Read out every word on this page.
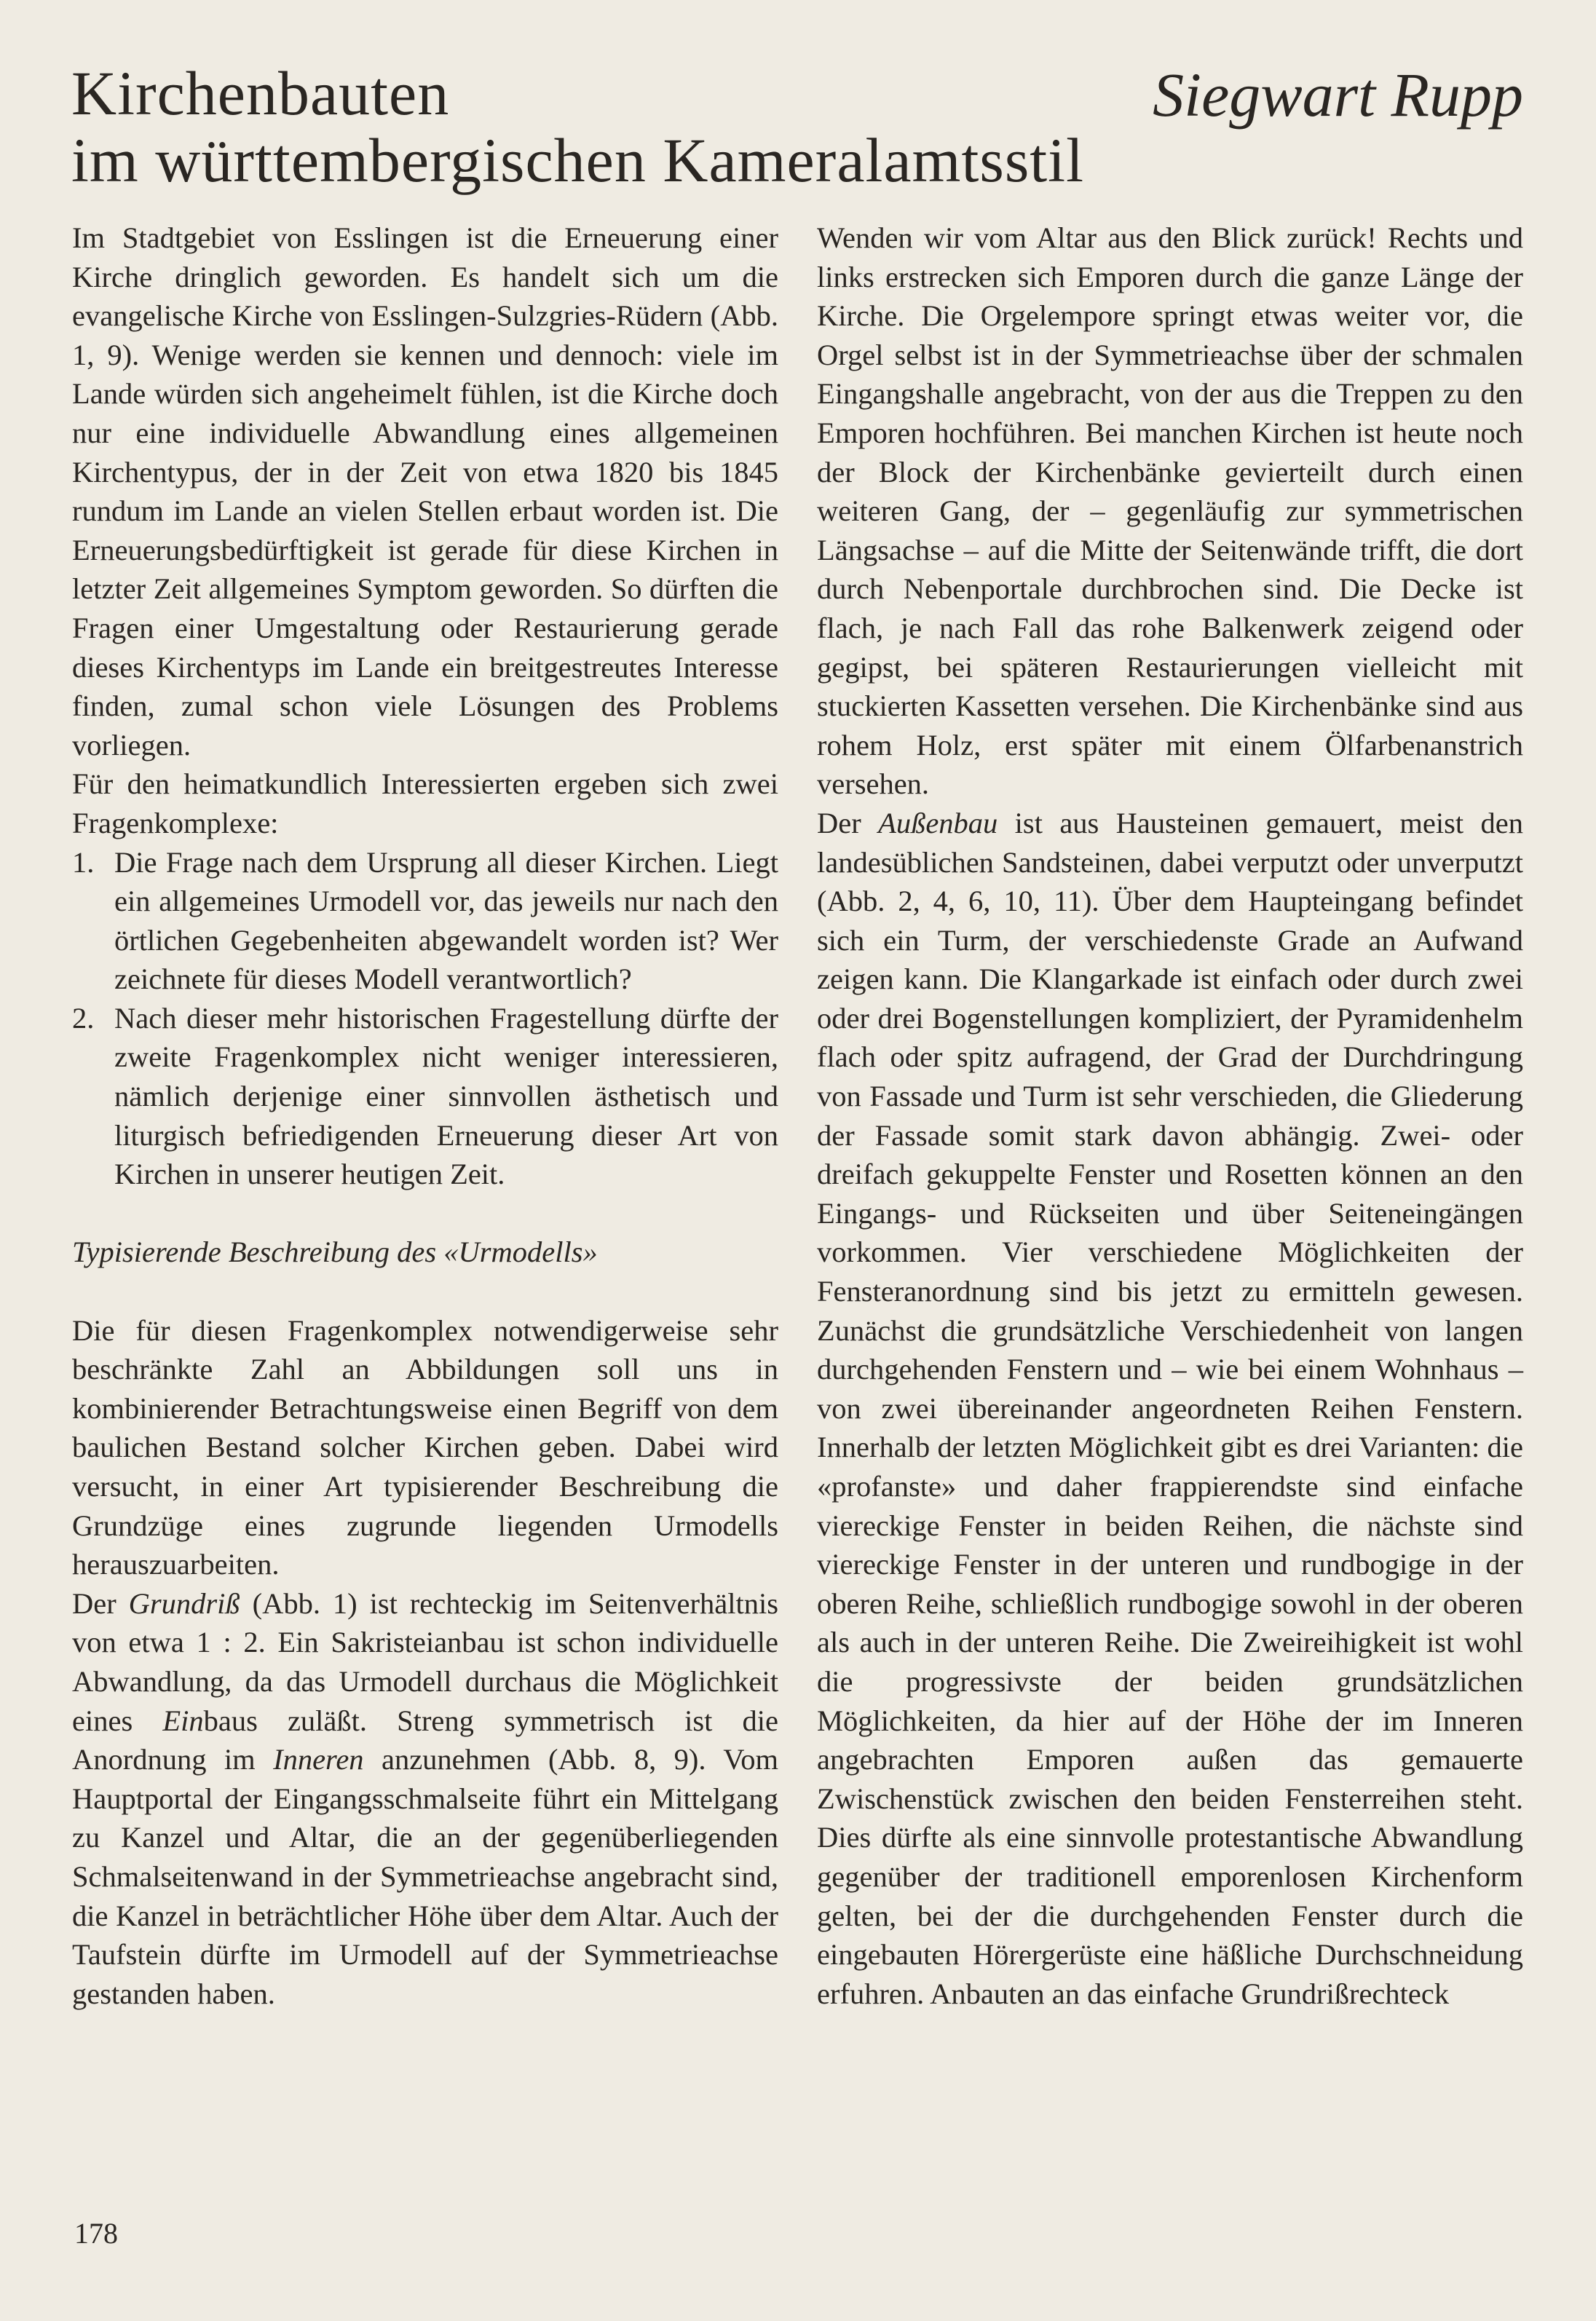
Kirchenbauten
im württembergischen Kameralamtsstil

Siegwart Rupp

Im Stadtgebiet von Esslingen ist die Erneuerung einer Kirche dringlich geworden. Es handelt sich um die evangelische Kirche von Esslingen-Sulzgries-Rüdern (Abb. 1, 9). Wenige werden sie kennen und dennoch: viele im Lande würden sich angeheimelt fühlen, ist die Kirche doch nur eine individuelle Abwandlung eines allgemeinen Kirchentypus, der in der Zeit von etwa 1820 bis 1845 rundum im Lande an vielen Stellen erbaut worden ist. Die Erneuerungsbedürftigkeit ist gerade für diese Kirchen in letzter Zeit allgemeines Symptom geworden. So dürften die Fragen einer Umgestaltung oder Restaurierung gerade dieses Kirchentyps im Lande ein breitgestreutes Interesse finden, zumal schon viele Lösungen des Problems vorliegen.

Für den heimatkundlich Interessierten ergeben sich zwei Fragenkomplexe:

1. Die Frage nach dem Ursprung all dieser Kirchen. Liegt ein allgemeines Urmodell vor, das jeweils nur nach den örtlichen Gegebenheiten abgewandelt worden ist? Wer zeichnete für dieses Modell verantwortlich?
2. Nach dieser mehr historischen Fragestellung dürfte der zweite Fragenkomplex nicht weniger interessieren, nämlich derjenige einer sinnvollen ästhetisch und liturgisch befriedigenden Erneuerung dieser Art von Kirchen in unserer heutigen Zeit.

Typisierende Beschreibung des «Urmodells»

Die für diesen Fragenkomplex notwendigerweise sehr beschränkte Zahl an Abbildungen soll uns in kombinierender Betrachtungsweise einen Begriff von dem baulichen Bestand solcher Kirchen geben. Dabei wird versucht, in einer Art typisierender Beschreibung die Grundzüge eines zugrunde liegenden Urmodells herauszuarbeiten.

Der Grundriß (Abb. 1) ist rechteckig im Seitenverhältnis von etwa 1 : 2. Ein Sakristeianbau ist schon individuelle Abwandlung, da das Urmodell durchaus die Möglichkeit eines Einbaus zuläßt. Streng symmetrisch ist die Anordnung im Inneren anzunehmen (Abb. 8, 9). Vom Hauptportal der Eingangsschmalseite führt ein Mittelgang zu Kanzel und Altar, die an der gegenüberliegenden Schmalseitenwand in der Symmetrieachse angebracht sind, die Kanzel in beträchtlicher Höhe über dem Altar. Auch der Taufstein dürfte im Urmodell auf der Symmetrieachse gestanden haben.

Wenden wir vom Altar aus den Blick zurück! Rechts und links erstrecken sich Emporen durch die ganze Länge der Kirche. Die Orgelempore springt etwas weiter vor, die Orgel selbst ist in der Symmetrieachse über der schmalen Eingangshalle angebracht, von der aus die Treppen zu den Emporen hochführen. Bei manchen Kirchen ist heute noch der Block der Kirchenbänke gevierteilt durch einen weiteren Gang, der – gegenläufig zur symmetrischen Längsachse – auf die Mitte der Seitenwände trifft, die dort durch Nebenportale durchbrochen sind. Die Decke ist flach, je nach Fall das rohe Balkenwerk zeigend oder gegipst, bei späteren Restaurierungen vielleicht mit stuckierten Kassetten versehen. Die Kirchenbänke sind aus rohem Holz, erst später mit einem Ölfarbenanstrich versehen.

Der Außenbau ist aus Hausteinen gemauert, meist den landesüblichen Sandsteinen, dabei verputzt oder unverputzt (Abb. 2, 4, 6, 10, 11). Über dem Haupteingang befindet sich ein Turm, der verschiedenste Grade an Aufwand zeigen kann. Die Klangarkade ist einfach oder durch zwei oder drei Bogenstellungen kompliziert, der Pyramidenhelm flach oder spitz aufragend, der Grad der Durchdringung von Fassade und Turm ist sehr verschieden, die Gliederung der Fassade somit stark davon abhängig. Zwei- oder dreifach gekuppelte Fenster und Rosetten können an den Eingangs- und Rückseiten und über Seiteneingängen vorkommen. Vier verschiedene Möglichkeiten der Fensteranordnung sind bis jetzt zu ermitteln gewesen. Zunächst die grundsätzliche Verschiedenheit von langen durchgehenden Fenstern und – wie bei einem Wohnhaus – von zwei übereinander angeordneten Reihen Fenstern. Innerhalb der letzten Möglichkeit gibt es drei Varianten: die «profanste» und daher frappierendste sind einfache viereckige Fenster in beiden Reihen, die nächste sind viereckige Fenster in der unteren und rundbogige in der oberen Reihe, schließlich rundbogige sowohl in der oberen als auch in der unteren Reihe. Die Zweireihigkeit ist wohl die progressivste der beiden grundsätzlichen Möglichkeiten, da hier auf der Höhe der im Inneren angebrachten Emporen außen das gemauerte Zwischenstück zwischen den beiden Fensterreihen steht. Dies dürfte als eine sinnvolle protestantische Abwandlung gegenüber der traditionell emporenlosen Kirchenform gelten, bei der die durchgehenden Fenster durch die eingebauten Hörergerüste eine häßliche Durchschneidung erfuhren. Anbauten an das einfache Grundrißrechteck

178
